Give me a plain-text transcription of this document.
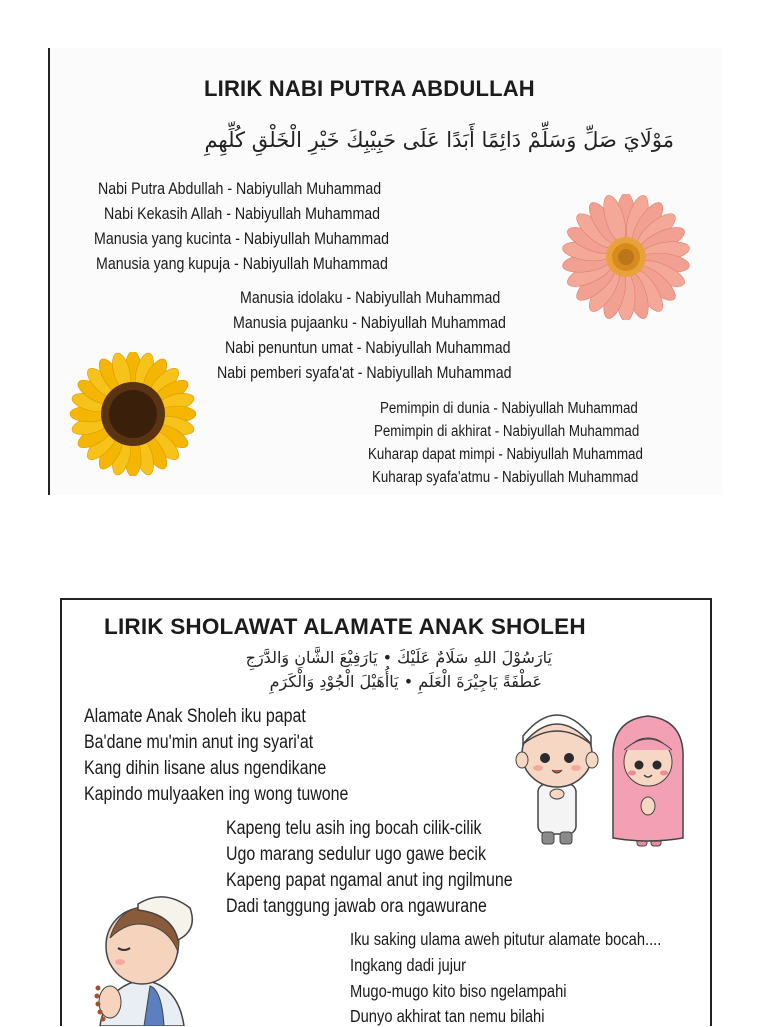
LIRIK NABI PUTRA ABDULLAH
مَوْلَايَ صَلِّ وَسَلِّمْ دَائِمًا أَبَدًا عَلَى حَبِيْبِكَ خَيْرِ الْخَلْقِ كُلِّهِمِ
Nabi Putra Abdullah - Nabiyullah Muhammad
Nabi Kekasih Allah - Nabiyullah Muhammad
Manusia yang kucinta - Nabiyullah Muhammad
Manusia yang kupuja - Nabiyullah Muhammad
Manusia idolaku - Nabiyullah Muhammad
Manusia pujaanku - Nabiyullah Muhammad
Nabi penuntun umat - Nabiyullah Muhammad
Nabi pemberi syafa'at - Nabiyullah Muhammad
Pemimpin di dunia - Nabiyullah Muhammad
Pemimpin di akhirat - Nabiyullah Muhammad
Kuharap dapat mimpi - Nabiyullah Muhammad
Kuharap syafa'atmu - Nabiyullah Muhammad
LIRIK SHOLAWAT ALAMATE ANAK SHOLEH
يَارَسُوْلَ اللهِ سَلَامٌ عَلَيْكَ • يَارَفِيْعَ الشَّانِ وَالدَّرَجِ
عَطْفَةً يَاجِيْرَةَ الْعَلَمِ • يَاأُهَيْلَ الْجُوْدِ وَالْكَرَمِ
Alamate Anak Sholeh iku papat
Ba'dane mu'min anut ing syari'at
Kang dihin lisane alus ngendikane
Kapindo mulyaaken ing wong tuwone
Kapeng telu asih ing bocah cilik-cilik
Ugo marang sedulur ugo gawe becik
Kapeng papat ngamal anut ing ngilmune
Dadi tanggung jawab ora ngawurane
Iku saking ulama aweh pitutur alamate bocah....
Ingkang dadi jujur
Mugo-mugo kito biso ngelampahi
Dunyo akhirat tan nemu bilahi
